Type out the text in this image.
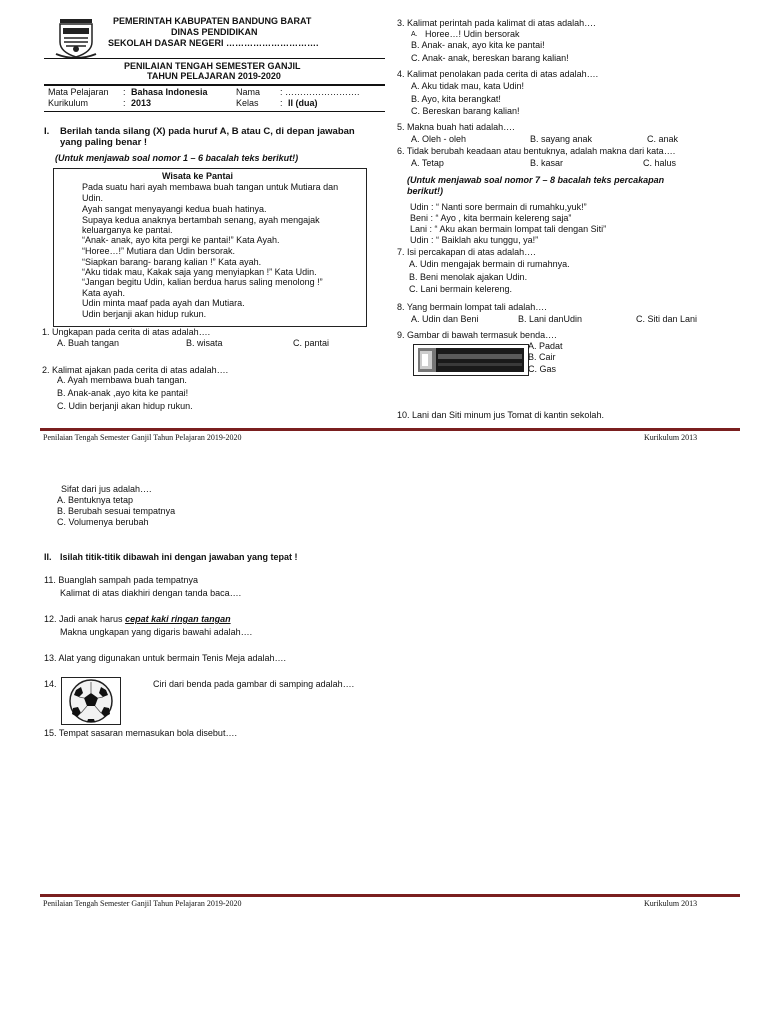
PEMERINTAH KABUPATEN BANDUNG BARAT
DINAS PENDIDIKAN
SEKOLAH DASAR NEGERI ………………………….
PENILAIAN TENGAH SEMESTER GANJIL
TAHUN PELAJARAN 2019-2020
Mata Pelajaran : Bahasa Indonesia	Nama : …………………….
Kurikulum	: 2013	Kelas : II (dua)
I. Berilah tanda silang (X) pada huruf A, B atau C, di depan jawaban
yang paling benar !
(Untuk menjawab soal nomor 1 – 6 bacalah teks berikut!)
Wisata ke Pantai
Pada suatu hari ayah membawa buah tangan untuk Mutiara dan
Udin.
Ayah sangat menyayangi kedua buah hatinya.
Supaya kedua anaknya bertambah senang, ayah mengajak
keluarganya ke pantai.
“Anak- anak, ayo kita pergi ke pantai!” Kata Ayah.
“Horee…!” Mutiara dan Udin bersorak.
“Siapkan barang- barang kalian !” Kata ayah.
“Aku tidak mau, Kakak saja yang menyiapkan !” Kata Udin.
“Jangan begitu Udin, kalian berdua harus saling menolong !”
Kata ayah.
Udin minta maaf pada ayah dan Mutiara.
Udin berjanji akan hidup rukun.
1. Ungkapan pada cerita di atas adalah….
A. Buah tangan	B. wisata	C. pantai
2. Kalimat ajakan pada cerita di atas adalah….
A. Ayah membawa buah tangan.
B. Anak-anak ,ayo kita ke pantai!
C. Udin berjanji akan hidup rukun.
3. Kalimat perintah pada kalimat di atas adalah….
A. Horee…! Udin bersorak
B. Anak- anak, ayo kita ke pantai!
C. Anak- anak, bereskan barang kalian!
4. Kalimat penolakan pada cerita di atas adalah….
A. Aku tidak mau, kata Udin!
B. Ayo, kita berangkat!
C. Bereskan barang kalian!
5. Makna buah hati adalah….
A. Oleh - oleh	B. sayang anak	C. anak
6. Tidak berubah keadaan atau bentuknya, adalah makna dari kata….
A. Tetap	B. kasar	C. halus
(Untuk menjawab soal nomor 7 – 8 bacalah teks percakapan
berikut!)
Udin : “ Nanti sore bermain di rumahku,yuk!”
Beni : “ Ayo , kita bermain kelereng saja”
Lani : “ Aku akan bermain lompat tali dengan Siti”
Udin : “ Baiklah aku tunggu, ya!”
7. Isi percakapan di atas adalah….
A. Udin mengajak bermain di rumahnya.
B. Beni menolak ajakan Udin.
C. Lani bermain kelereng.
8. Yang bermain lompat tali adalah….
A. Udin dan Beni	B. Lani danUdin	C. Siti dan Lani
9. Gambar di bawah termasuk benda….
A. Padat
B. Cair
C. Gas
10. Lani dan Siti minum jus Tomat di kantin sekolah.
Penilaian Tengah Semester Ganjil Tahun Pelajaran 2019-2020	Kurikulum 2013
Sifat dari jus adalah….
A. Bentuknya tetap
B. Berubah sesuai tempatnya
C. Volumenya berubah
II. Isilah titik-titik dibawah ini dengan jawaban yang tepat !
11. Buanglah sampah pada tempatnya
Kalimat di atas diakhiri dengan tanda baca….
12. Jadi anak harus cepat kaki ringan tangan
Makna ungkapan yang digaris bawahi adalah….
13. Alat yang digunakan untuk bermain Tenis Meja adalah….
14.	Ciri dari benda pada gambar di samping adalah….
15. Tempat sasaran memasukan bola disebut….
Penilaian Tengah Semester Ganjil Tahun Pelajaran 2019-2020	Kurikulum 2013
